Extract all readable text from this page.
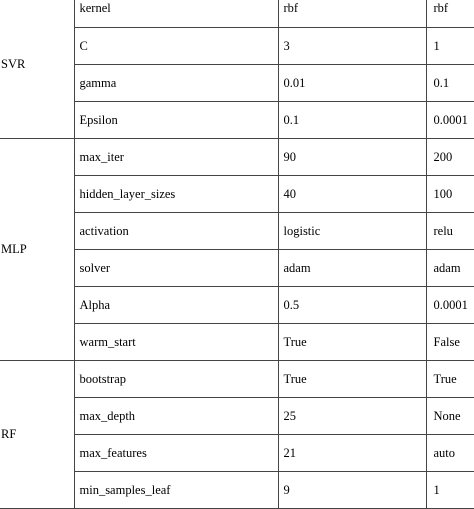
SVR	kernel	rbf	rbf
	C	3	1
	gamma	0.01	0.1
	Epsilon	0.1	0.0001
MLP	max_iter	90	200
	hidden_layer_sizes	40	100
	activation	logistic	relu
	solver	adam	adam
	Alpha	0.5	0.0001
	warm_start	True	False
RF	bootstrap	True	True
	max_depth	25	None
	max_features	21	auto
	min_samples_leaf	9	1
